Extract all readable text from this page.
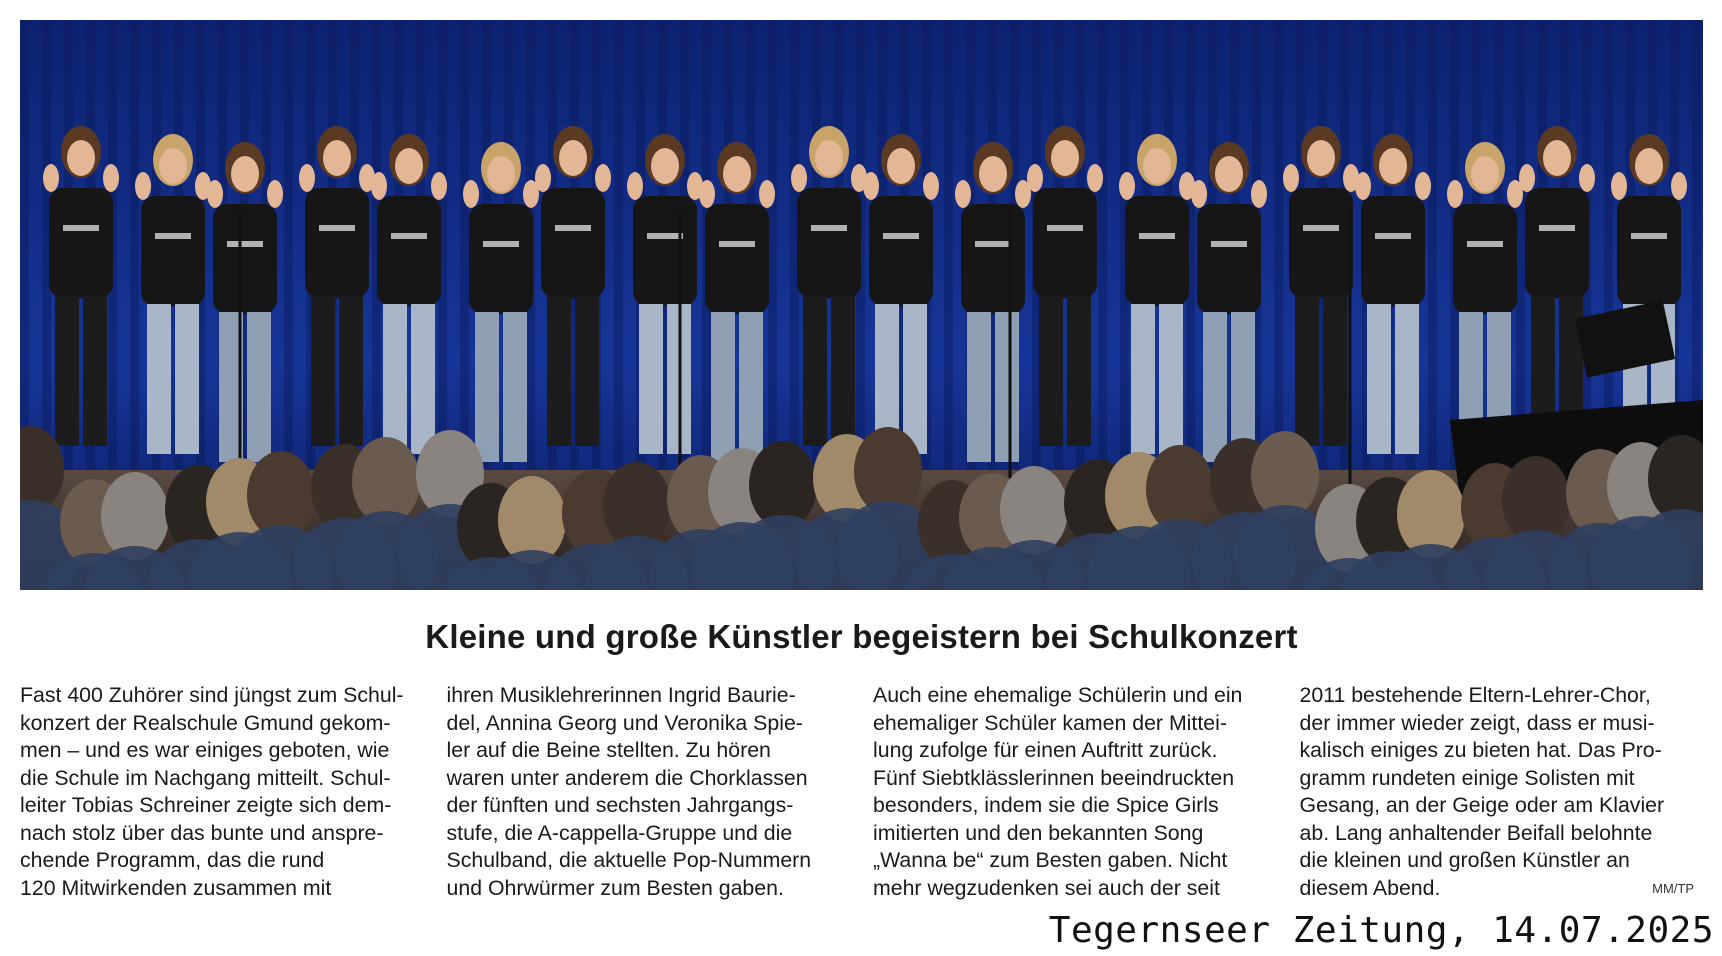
Kleine und große Künstler begeistern bei Schulkonzert

Fast 400 Zuhörer sind jüngst zum Schul-
konzert der Realschule Gmund gekom-
men – und es war einiges geboten, wie
die Schule im Nachgang mitteilt. Schul-
leiter Tobias Schreiner zeigte sich dem-
nach stolz über das bunte und anspre-
chende Programm, das die rund
120 Mitwirkenden zusammen mit

ihren Musiklehrerinnen Ingrid Baurie-
del, Annina Georg und Veronika Spie-
ler auf die Beine stellten. Zu hören
waren unter anderem die Chorklassen
der fünften und sechsten Jahrgangs-
stufe, die A-cappella-Gruppe und die
Schulband, die aktuelle Pop-Nummern
und Ohrwürmer zum Besten gaben.

Auch eine ehemalige Schülerin und ein
ehemaliger Schüler kamen der Mittei-
lung zufolge für einen Auftritt zurück.
Fünf Siebtklässlerinnen beeindruckten
besonders, indem sie die Spice Girls
imitierten und den bekannten Song
„Wanna be“ zum Besten gaben. Nicht
mehr wegzudenken sei auch der seit

2011 bestehende Eltern-Lehrer-Chor,
der immer wieder zeigt, dass er musi-
kalisch einiges zu bieten hat. Das Pro-
gramm rundeten einige Solisten mit
Gesang, an der Geige oder am Klavier
ab. Lang anhaltender Beifall belohnte
die kleinen und großen Künstler an
diesem Abend.	MM/TP
Tegernseer Zeitung, 14.07.2025
